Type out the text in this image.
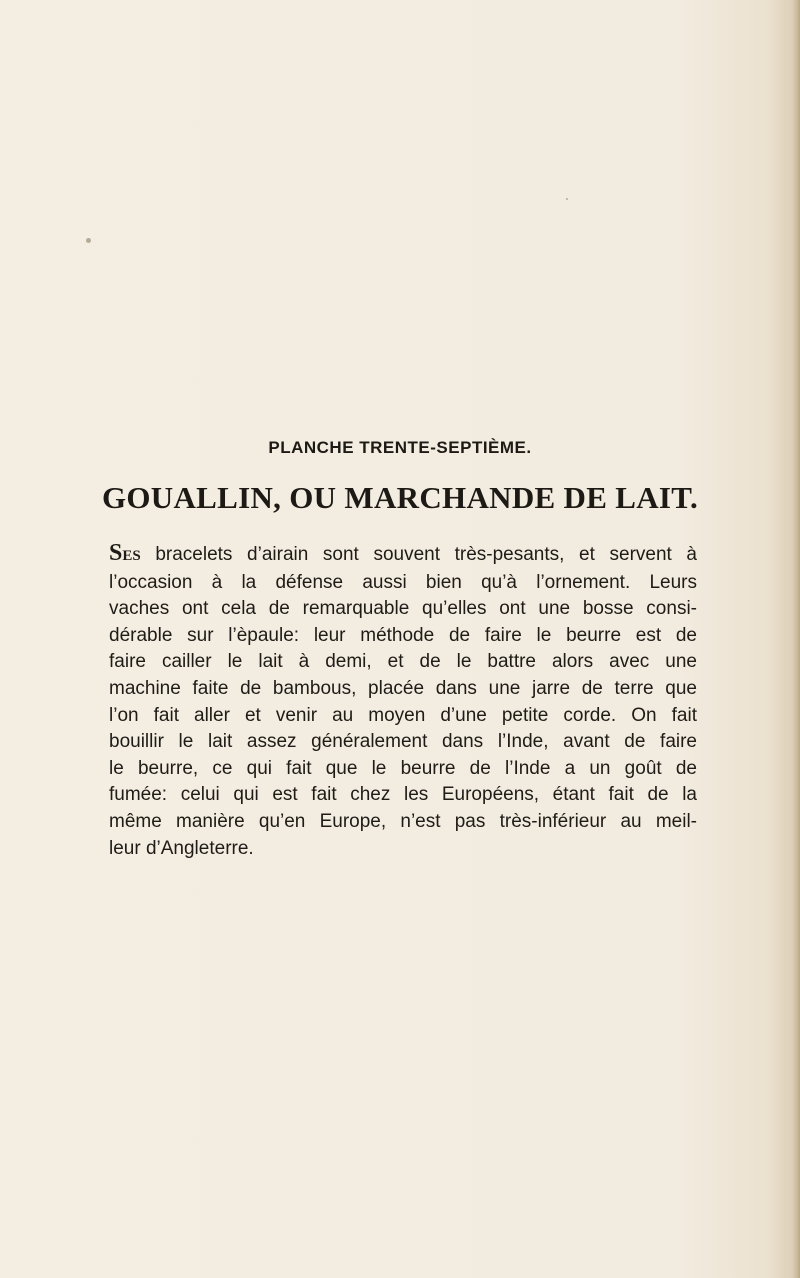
PLANCHE TRENTE-SEPTIÈME.
GOUALLIN, OU MARCHANDE DE LAIT.
SES bracelets d’airain sont souvent très-pesants, et servent à
l’occasion à la défense aussi bien qu’à l’ornement. Leurs
vaches ont cela de remarquable qu’elles ont une bosse consi-
dérable sur l’èpaule: leur méthode de faire le beurre est de
faire cailler le lait à demi, et de le battre alors avec une
machine faite de bambous, placée dans une jarre de terre que
l’on fait aller et venir au moyen d’une petite corde. On fait
bouillir le lait assez généralement dans l’Inde, avant de faire
le beurre, ce qui fait que le beurre de l’Inde a un goût de
fumée: celui qui est fait chez les Européens, étant fait de la
même manière qu’en Europe, n’est pas très-inférieur au meil-
leur d’Angleterre.
